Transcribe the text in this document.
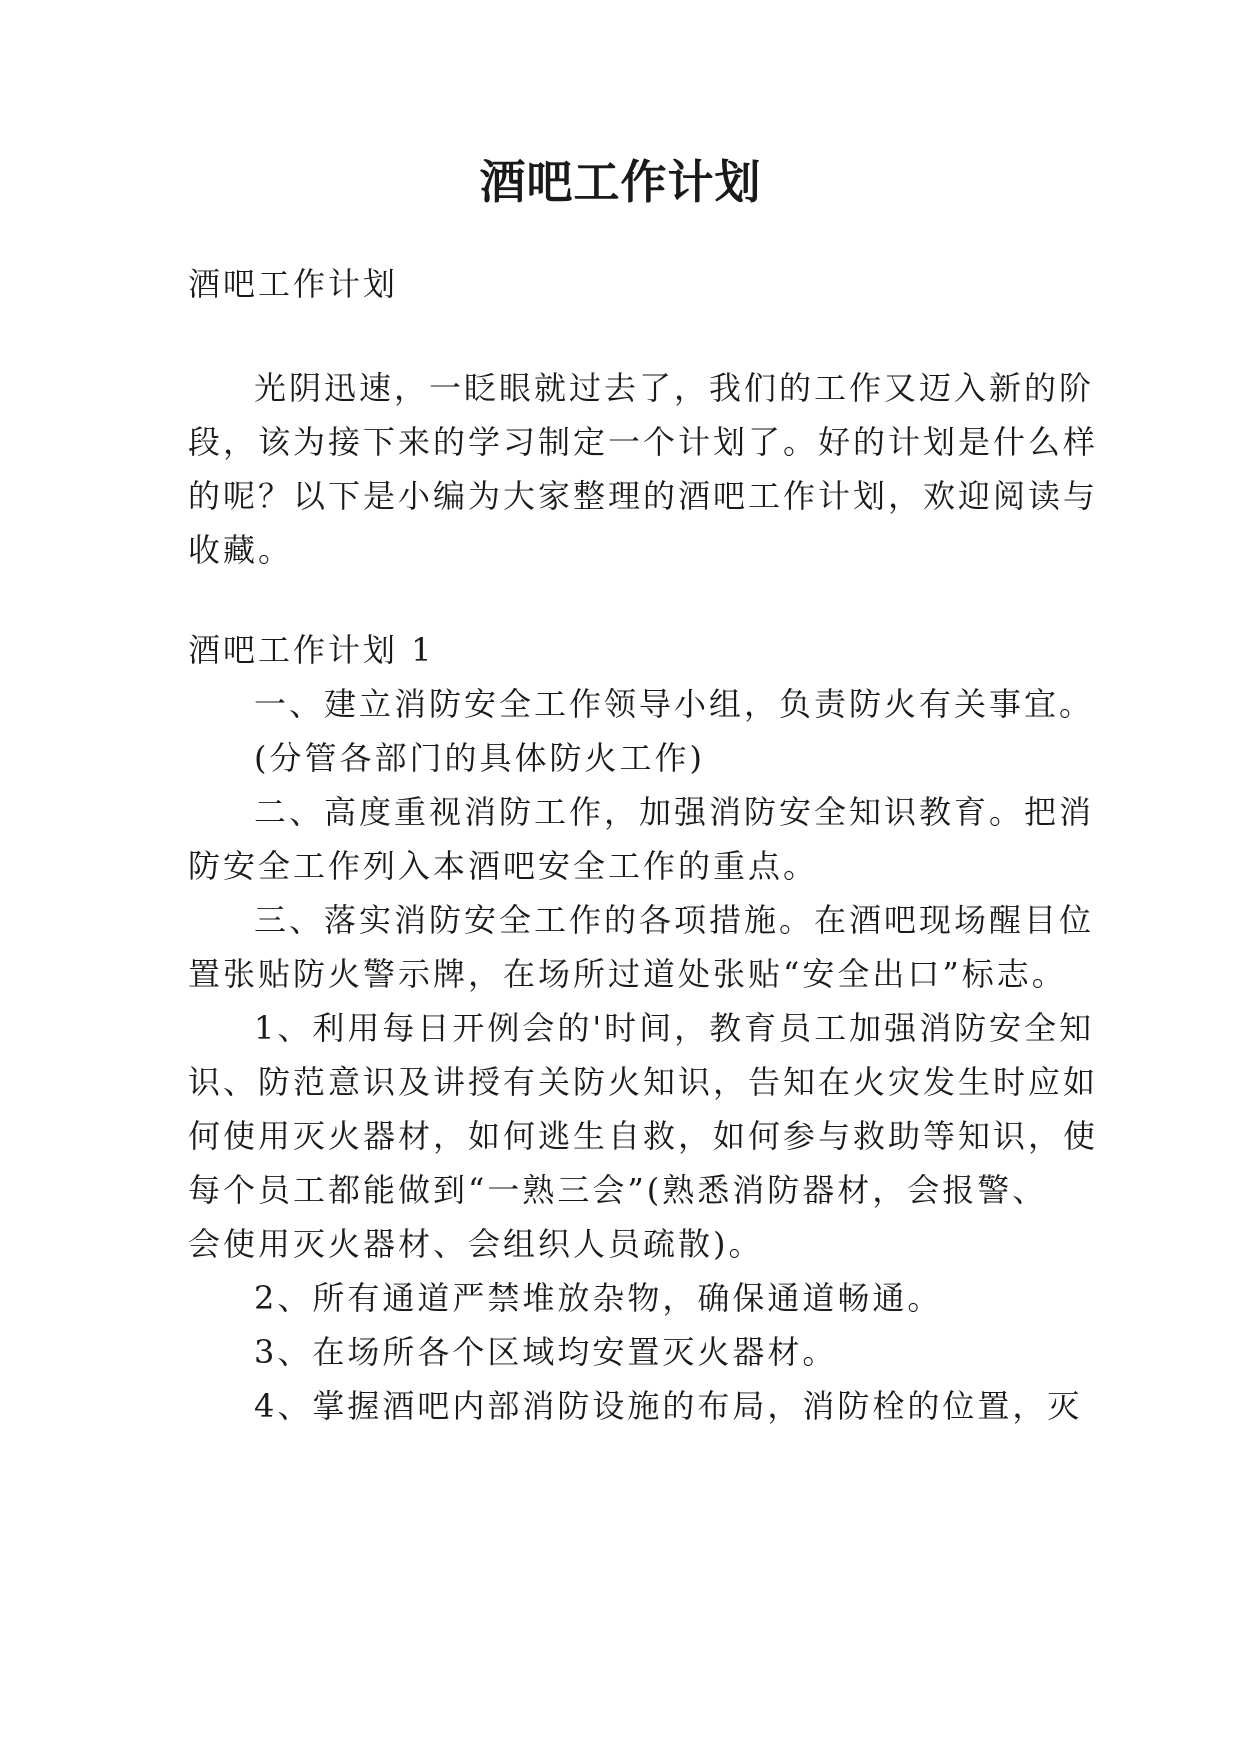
酒吧工作计划
酒吧工作计划
光阴迅速，一眨眼就过去了，我们的工作又迈入新的阶
段，该为接下来的学习制定一个计划了。好的计划是什么样
的呢？以下是小编为大家整理的酒吧工作计划，欢迎阅读与
收藏。
酒吧工作计划 1
一、建立消防安全工作领导小组，负责防火有关事宜。
(分管各部门的具体防火工作)
二、高度重视消防工作，加强消防安全知识教育。把消
防安全工作列入本酒吧安全工作的重点。
三、落实消防安全工作的各项措施。在酒吧现场醒目位
置张贴防火警示牌，在场所过道处张贴“安全出口”标志。
1、利用每日开例会的'时间，教育员工加强消防安全知
识、防范意识及讲授有关防火知识，告知在火灾发生时应如
何使用灭火器材，如何逃生自救，如何参与救助等知识，使
每个员工都能做到“一熟三会”(熟悉消防器材，会报警、
会使用灭火器材、会组织人员疏散)。
2、所有通道严禁堆放杂物，确保通道畅通。
3、在场所各个区域均安置灭火器材。
4、掌握酒吧内部消防设施的布局，消防栓的位置，灭
